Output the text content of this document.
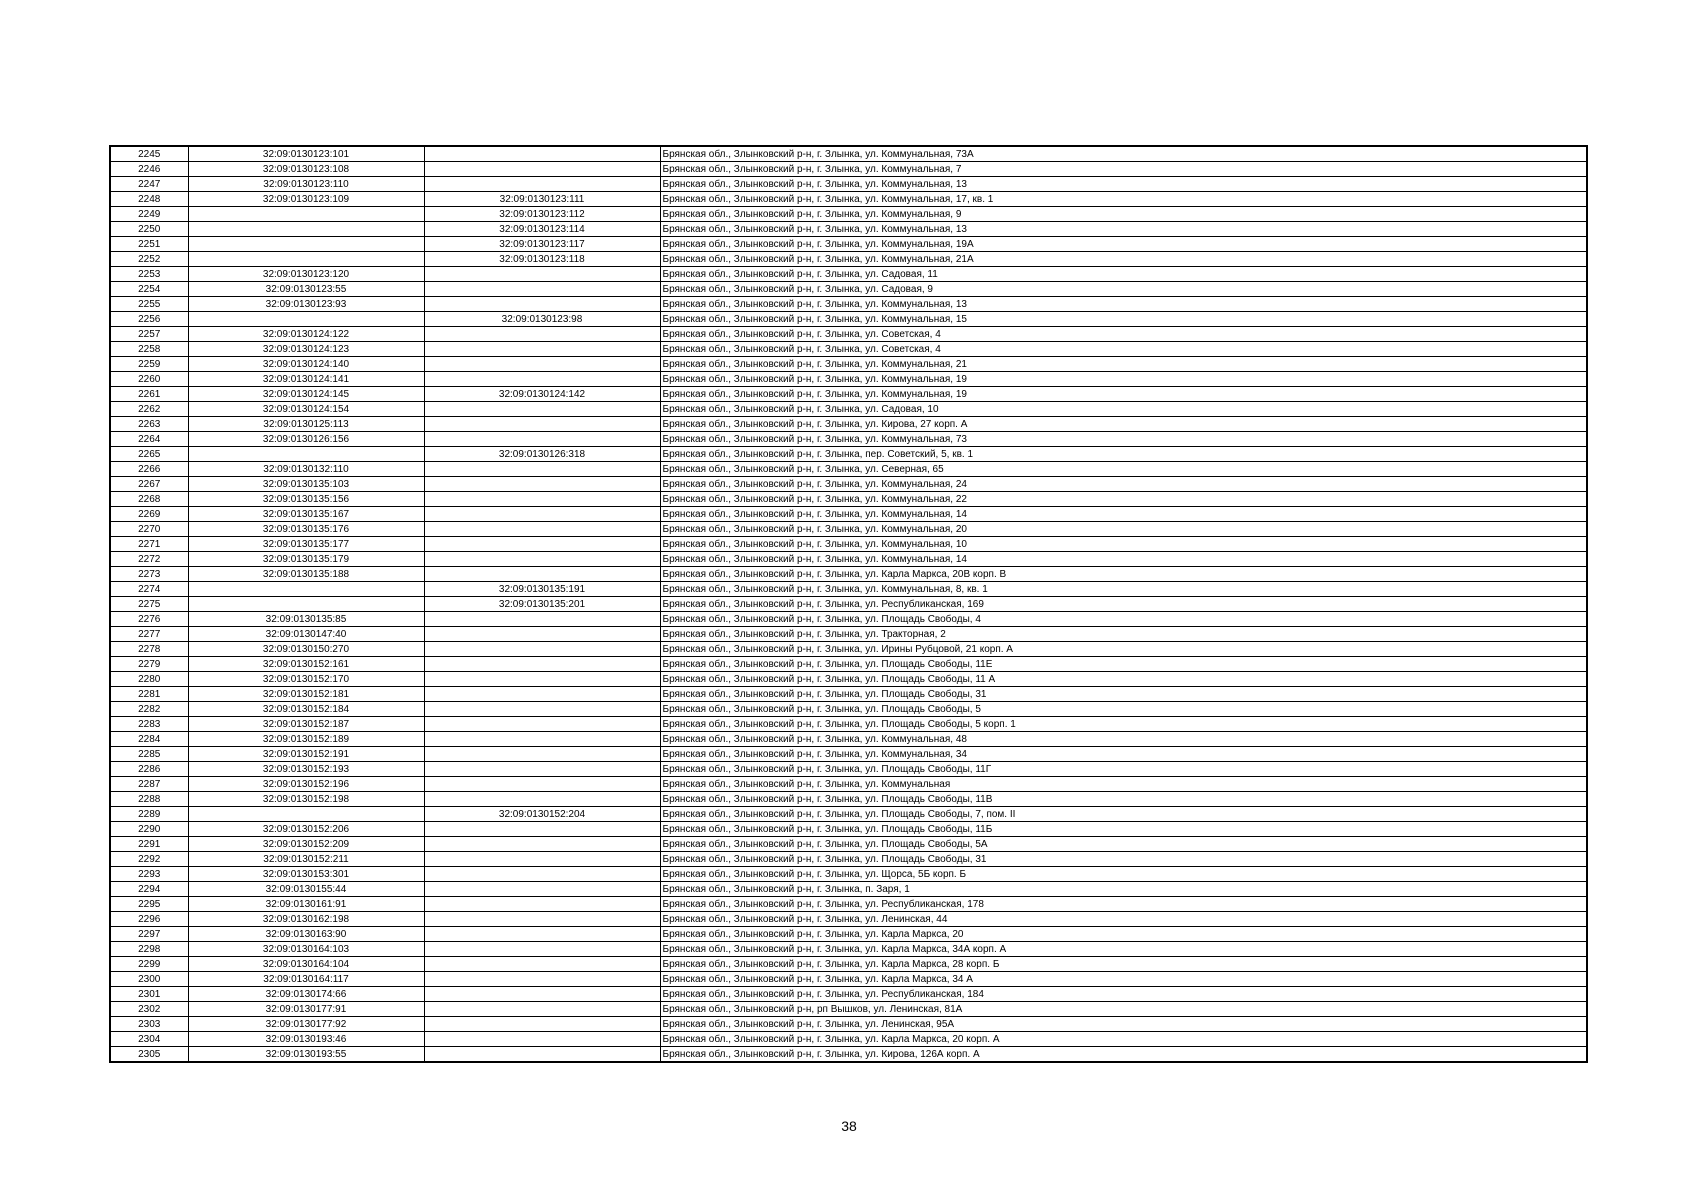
2245	32:09:0130123:101		Брянская обл., Злынковский р-н, г. Злынка, ул. Коммунальная, 73А
2246	32:09:0130123:108		Брянская обл., Злынковский р-н, г. Злынка, ул. Коммунальная, 7
2247	32:09:0130123:110		Брянская обл., Злынковский р-н, г. Злынка, ул. Коммунальная, 13
2248	32:09:0130123:109	32:09:0130123:111	Брянская обл., Злынковский р-н, г. Злынка, ул. Коммунальная, 17, кв. 1
2249		32:09:0130123:112	Брянская обл., Злынковский р-н, г. Злынка, ул. Коммунальная, 9
2250		32:09:0130123:114	Брянская обл., Злынковский р-н, г. Злынка, ул. Коммунальная, 13
2251		32:09:0130123:117	Брянская обл., Злынковский р-н, г. Злынка, ул. Коммунальная, 19А
2252		32:09:0130123:118	Брянская обл., Злынковский р-н, г. Злынка, ул. Коммунальная, 21А
2253	32:09:0130123:120		Брянская обл., Злынковский р-н, г. Злынка, ул. Садовая, 11
2254	32:09:0130123:55		Брянская обл., Злынковский р-н, г. Злынка, ул. Садовая, 9
2255	32:09:0130123:93		Брянская обл., Злынковский р-н, г. Злынка, ул. Коммунальная, 13
2256		32:09:0130123:98	Брянская обл., Злынковский р-н, г. Злынка, ул. Коммунальная, 15
2257	32:09:0130124:122		Брянская обл., Злынковский р-н, г. Злынка, ул. Советская, 4
2258	32:09:0130124:123		Брянская обл., Злынковский р-н, г. Злынка, ул. Советская, 4
2259	32:09:0130124:140		Брянская обл., Злынковский р-н, г. Злынка, ул. Коммунальная, 21
2260	32:09:0130124:141		Брянская обл., Злынковский р-н, г. Злынка, ул. Коммунальная, 19
2261	32:09:0130124:145	32:09:0130124:142	Брянская обл., Злынковский р-н, г. Злынка, ул. Коммунальная, 19
2262	32:09:0130124:154		Брянская обл., Злынковский р-н, г. Злынка, ул. Садовая, 10
2263	32:09:0130125:113		Брянская обл., Злынковский р-н, г. Злынка, ул. Кирова, 27 корп. А
2264	32:09:0130126:156		Брянская обл., Злынковский р-н, г. Злынка, ул. Коммунальная, 73
2265		32:09:0130126:318	Брянская обл., Злынковский р-н, г. Злынка, пер. Советский, 5, кв. 1
2266	32:09:0130132:110		Брянская обл., Злынковский р-н, г. Злынка, ул. Северная, 65
2267	32:09:0130135:103		Брянская обл., Злынковский р-н, г. Злынка, ул. Коммунальная, 24
2268	32:09:0130135:156		Брянская обл., Злынковский р-н, г. Злынка, ул. Коммунальная, 22
2269	32:09:0130135:167		Брянская обл., Злынковский р-н, г. Злынка, ул. Коммунальная, 14
2270	32:09:0130135:176		Брянская обл., Злынковский р-н, г. Злынка, ул. Коммунальная, 20
2271	32:09:0130135:177		Брянская обл., Злынковский р-н, г. Злынка, ул. Коммунальная, 10
2272	32:09:0130135:179		Брянская обл., Злынковский р-н, г. Злынка, ул. Коммунальная, 14
2273	32:09:0130135:188		Брянская обл., Злынковский р-н, г. Злынка, ул. Карла Маркса, 20В корп. В
2274		32:09:0130135:191	Брянская обл., Злынковский р-н, г. Злынка, ул. Коммунальная, 8, кв. 1
2275		32:09:0130135:201	Брянская обл., Злынковский р-н, г. Злынка, ул. Республиканская, 169
2276	32:09:0130135:85		Брянская обл., Злынковский р-н, г. Злынка, ул. Площадь Свободы, 4
2277	32:09:0130147:40		Брянская обл., Злынковский р-н, г. Злынка, ул. Тракторная, 2
2278	32:09:0130150:270		Брянская обл., Злынковский р-н, г. Злынка, ул. Ирины Рубцовой, 21 корп. А
2279	32:09:0130152:161		Брянская обл., Злынковский р-н, г. Злынка, ул. Площадь Свободы, 11Е
2280	32:09:0130152:170		Брянская обл., Злынковский р-н, г. Злынка, ул. Площадь Свободы, 11 А
2281	32:09:0130152:181		Брянская обл., Злынковский р-н, г. Злынка, ул. Площадь Свободы, 31
2282	32:09:0130152:184		Брянская обл., Злынковский р-н, г. Злынка, ул. Площадь Свободы, 5
2283	32:09:0130152:187		Брянская обл., Злынковский р-н, г. Злынка, ул. Площадь Свободы, 5 корп. 1
2284	32:09:0130152:189		Брянская обл., Злынковский р-н, г. Злынка, ул. Коммунальная, 48
2285	32:09:0130152:191		Брянская обл., Злынковский р-н, г. Злынка, ул. Коммунальная, 34
2286	32:09:0130152:193		Брянская обл., Злынковский р-н, г. Злынка, ул. Площадь Свободы, 11Г
2287	32:09:0130152:196		Брянская обл., Злынковский р-н, г. Злынка, ул. Коммунальная
2288	32:09:0130152:198		Брянская обл., Злынковский р-н, г. Злынка, ул. Площадь Свободы, 11В
2289		32:09:0130152:204	Брянская обл., Злынковский р-н, г. Злынка, ул. Площадь Свободы, 7, пом. II
2290	32:09:0130152:206		Брянская обл., Злынковский р-н, г. Злынка, ул. Площадь Свободы, 11Б
2291	32:09:0130152:209		Брянская обл., Злынковский р-н, г. Злынка, ул. Площадь Свободы, 5А
2292	32:09:0130152:211		Брянская обл., Злынковский р-н, г. Злынка, ул. Площадь Свободы, 31
2293	32:09:0130153:301		Брянская обл., Злынковский р-н, г. Злынка, ул. Щорса, 5Б корп. Б
2294	32:09:0130155:44		Брянская обл., Злынковский р-н, г. Злынка, п. Заря, 1
2295	32:09:0130161:91		Брянская обл., Злынковский р-н, г. Злынка, ул. Республиканская, 178
2296	32:09:0130162:198		Брянская обл., Злынковский р-н, г. Злынка, ул. Ленинская, 44
2297	32:09:0130163:90		Брянская обл., Злынковский р-н, г. Злынка, ул. Карла Маркса, 20
2298	32:09:0130164:103		Брянская обл., Злынковский р-н, г. Злынка, ул. Карла Маркса, 34А корп. А
2299	32:09:0130164:104		Брянская обл., Злынковский р-н, г. Злынка, ул. Карла Маркса, 28 корп. Б
2300	32:09:0130164:117		Брянская обл., Злынковский р-н, г. Злынка, ул. Карла Маркса, 34 А
2301	32:09:0130174:66		Брянская обл., Злынковский р-н, г. Злынка, ул. Республиканская, 184
2302	32:09:0130177:91		Брянская обл., Злынковский р-н, рп Вышков, ул. Ленинская, 81А
2303	32:09:0130177:92		Брянская обл., Злынковский р-н, г. Злынка, ул. Ленинская, 95А
2304	32:09:0130193:46		Брянская обл., Злынковский р-н, г. Злынка, ул. Карла Маркса, 20 корп. А
2305	32:09:0130193:55		Брянская обл., Злынковский р-н, г. Злынка, ул. Кирова, 126А корп. А
38
